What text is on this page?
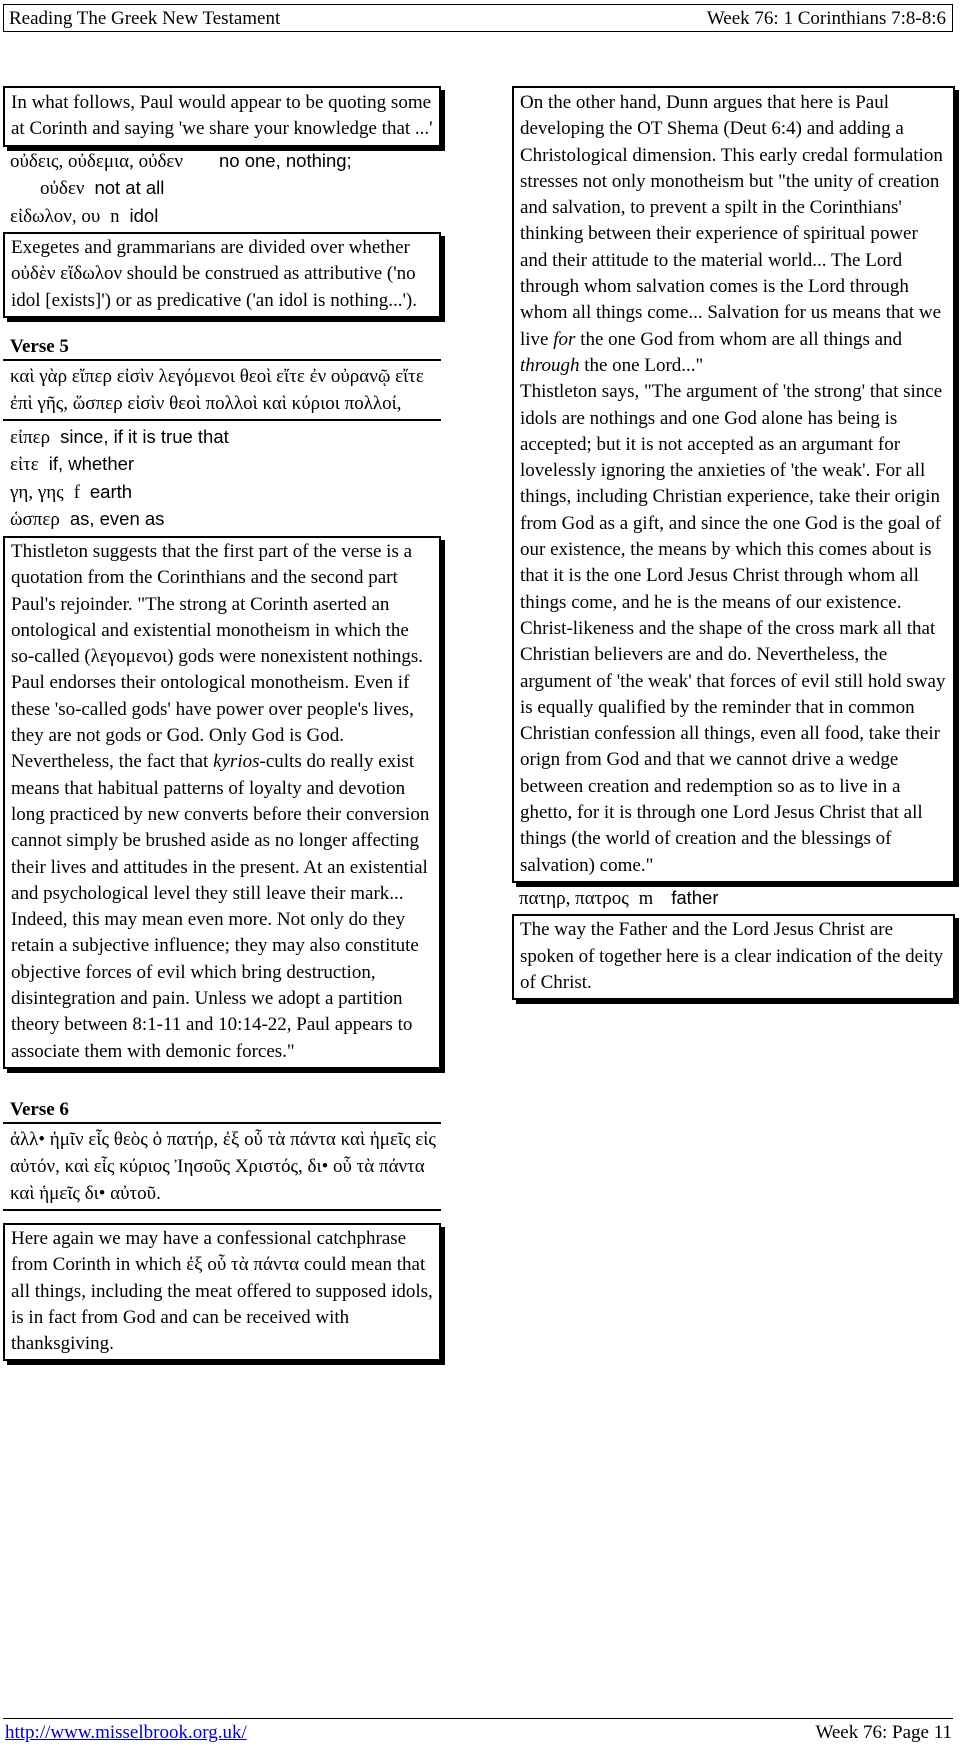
Reading The Greek New Testament	Week 76: 1 Corinthians 7:8-8:6
In what follows, Paul would appear to be quoting some at Corinth and saying 'we share your knowledge that ...'
οὐδεις, οὐδεμια, οὐδεν no one, nothing;
οὐδεν not at all
εἰδωλον, ου n idol
Exegetes and grammarians are divided over whether οὐδὲν εἴδωλον should be construed as attributive ('no idol [exists]') or as predicative ('an idol is nothing...').
Verse 5
καὶ γὰρ εἴπερ εἰσὶν λεγόμενοι θεοὶ εἴτε ἐν οὐρανῷ εἴτε ἐπὶ γῆς, ὥσπερ εἰσὶν θεοὶ πολλοὶ καὶ κύριοι πολλοί,
εἰπερ since, if it is true that
εἰτε if, whether
γη, γης f earth
ὡσπερ as, even as
Thistleton suggests that the first part of the verse is a quotation from the Corinthians and the second part Paul's rejoinder. "The strong at Corinth aserted an ontological and existential monotheism in which the so-called (λεγομενοι) gods were nonexistent nothings. Paul endorses their ontological monotheism. Even if these 'so-called gods' have power over people's lives, they are not gods or God. Only God is God. Nevertheless, the fact that kyrios-cults do really exist means that habitual patterns of loyalty and devotion long practiced by new converts before their conversion cannot simply be brushed aside as no longer affecting their lives and attitudes in the present. At an existential and psychological level they still leave their mark... Indeed, this may mean even more. Not only do they retain a subjective influence; they may also constitute objective forces of evil which bring destruction, disintegration and pain. Unless we adopt a partition theory between 8:1-11 and 10:14-22, Paul appears to associate them with demonic forces."
Verse 6
ἀλλ• ἡμῖν εἷς θεὸς ὁ πατήρ, ἐξ οὗ τὰ πάντα καὶ ἡμεῖς εἰς αὐτόν, καὶ εἷς κύριος Ἰησοῦς Χριστός, δι• οὗ τὰ πάντα καὶ ἡμεῖς δι• αὐτοῦ.
Here again we may have a confessional catchphrase from Corinth in which ἐξ οὗ τὰ πάντα could mean that all things, including the meat offered to supposed idols, is in fact from God and can be received with thanksgiving.
On the other hand, Dunn argues that here is Paul developing the OT Shema (Deut 6:4) and adding a Christological dimension. This early credal formulation stresses not only monotheism but "the unity of creation and salvation, to prevent a spilt in the Corinthians' thinking between their experience of spiritual power and their attitude to the material world... The Lord through whom salvation comes is the Lord through whom all things come... Salvation for us means that we live for the one God from whom are all things and through the one Lord..."
Thistleton says, "The argument of 'the strong' that since idols are nothings and one God alone has being is accepted; but it is not accepted as an argumant for lovelessly ignoring the anxieties of 'the weak'. For all things, including Christian experience, take their origin from God as a gift, and since the one God is the goal of our existence, the means by which this comes about is that it is the one Lord Jesus Christ through whom all things come, and he is the means of our existence. Christ-likeness and the shape of the cross mark all that Christian believers are and do. Nevertheless, the argument of 'the weak' that forces of evil still hold sway is equally qualified by the reminder that in common Christian confession all things, even all food, take their orign from God and that we cannot drive a wedge between creation and redemption so as to live in a ghetto, for it is through one Lord Jesus Christ that all things (the world of creation and the blessings of salvation) come."
πατηρ, πατρος m father
The way the Father and the Lord Jesus Christ are spoken of together here is a clear indication of the deity of Christ.
http://www.misselbrook.org.uk/	Week 76: Page 11
